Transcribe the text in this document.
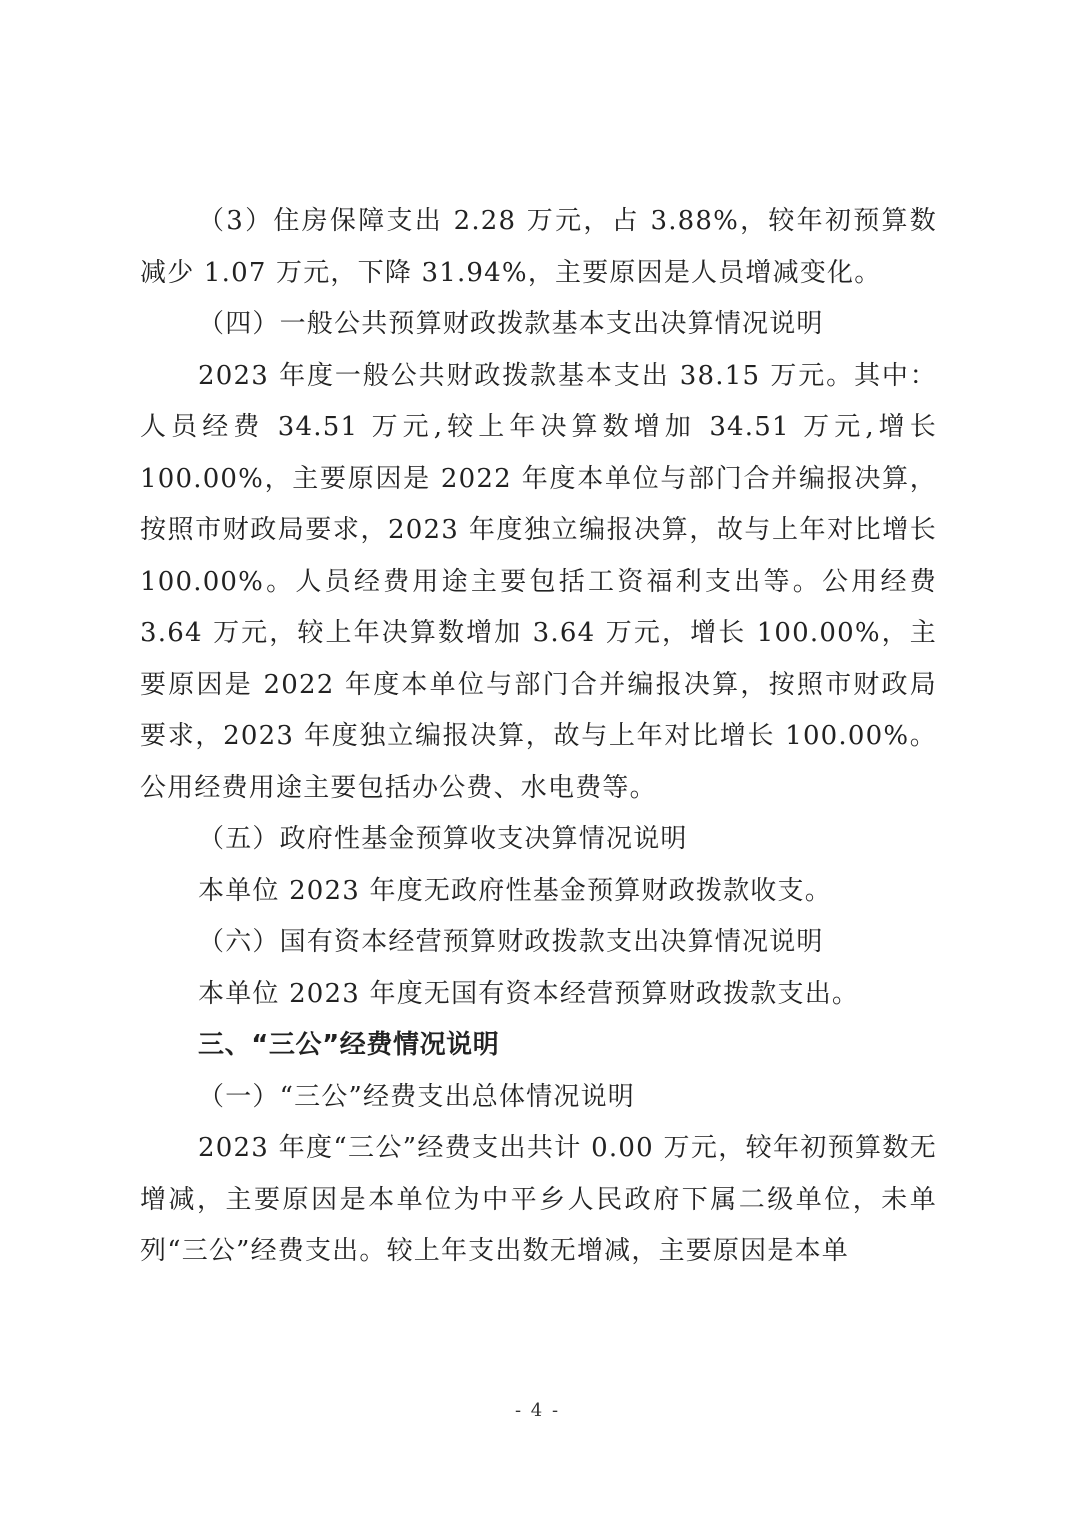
（3）住房保障支出 2.28 万元，占 3.88%，较年初预算数减少 1.07 万元，下降 31.94%，主要原因是人员增减变化。

（四）一般公共预算财政拨款基本支出决算情况说明

2023 年度一般公共财政拨款基本支出 38.15 万元。其中：人员经费 34.51 万元,较上年决算数增加 34.51 万元,增长 100.00%，主要原因是 2022 年度本单位与部门合并编报决算，按照市财政局要求，2023 年度独立编报决算，故与上年对比增长 100.00%。人员经费用途主要包括工资福利支出等。公用经费 3.64 万元，较上年决算数增加 3.64 万元，增长 100.00%，主要原因是 2022 年度本单位与部门合并编报决算，按照市财政局要求，2023 年度独立编报决算，故与上年对比增长 100.00%。公用经费用途主要包括办公费、水电费等。

（五）政府性基金预算收支决算情况说明

本单位 2023 年度无政府性基金预算财政拨款收支。

（六）国有资本经营预算财政拨款支出决算情况说明

本单位 2023 年度无国有资本经营预算财政拨款支出。

三、“三公”经费情况说明

（一）“三公”经费支出总体情况说明

2023 年度“三公”经费支出共计 0.00 万元，较年初预算数无增减，主要原因是本单位为中平乡人民政府下属二级单位，未单列“三公”经费支出。较上年支出数无增减，主要原因是本单

- 4 -
